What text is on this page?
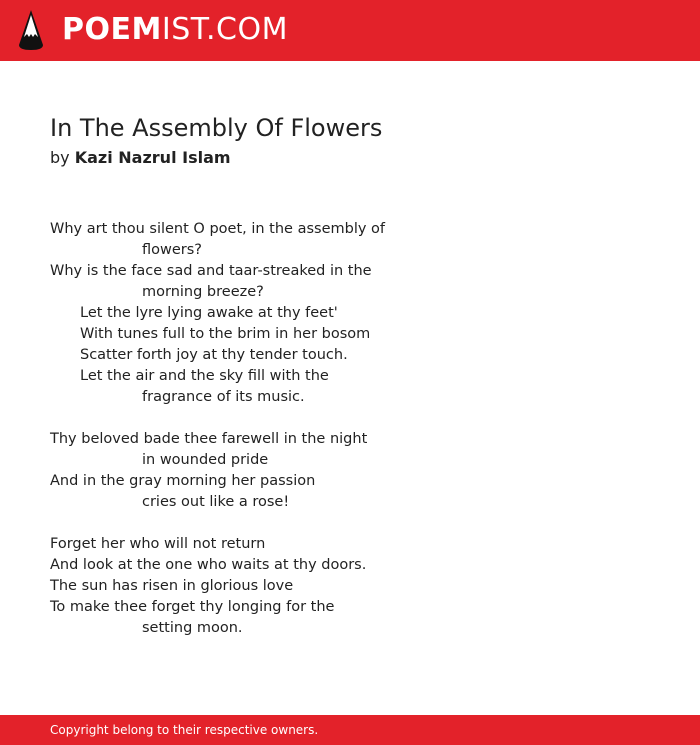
POEMIST.COM
In The Assembly Of Flowers
by Kazi Nazrul Islam
Why art thou silent O poet, in the assembly of
flowers?
Why is the face sad and taar-streaked in the
morning breeze?
Let the lyre lying awake at thy feet'
With tunes full to the brim in her bosom
Scatter forth joy at thy tender touch.
Let the air and the sky fill with the
fragrance of its music.
Thy beloved bade thee farewell in the night
in wounded pride
And in the gray morning her passion
cries out like a rose!
Forget her who will not return
And look at the one who waits at thy doors.
The sun has risen in glorious love
To make thee forget thy longing for the
setting moon.
Copyright belong to their respective owners.
